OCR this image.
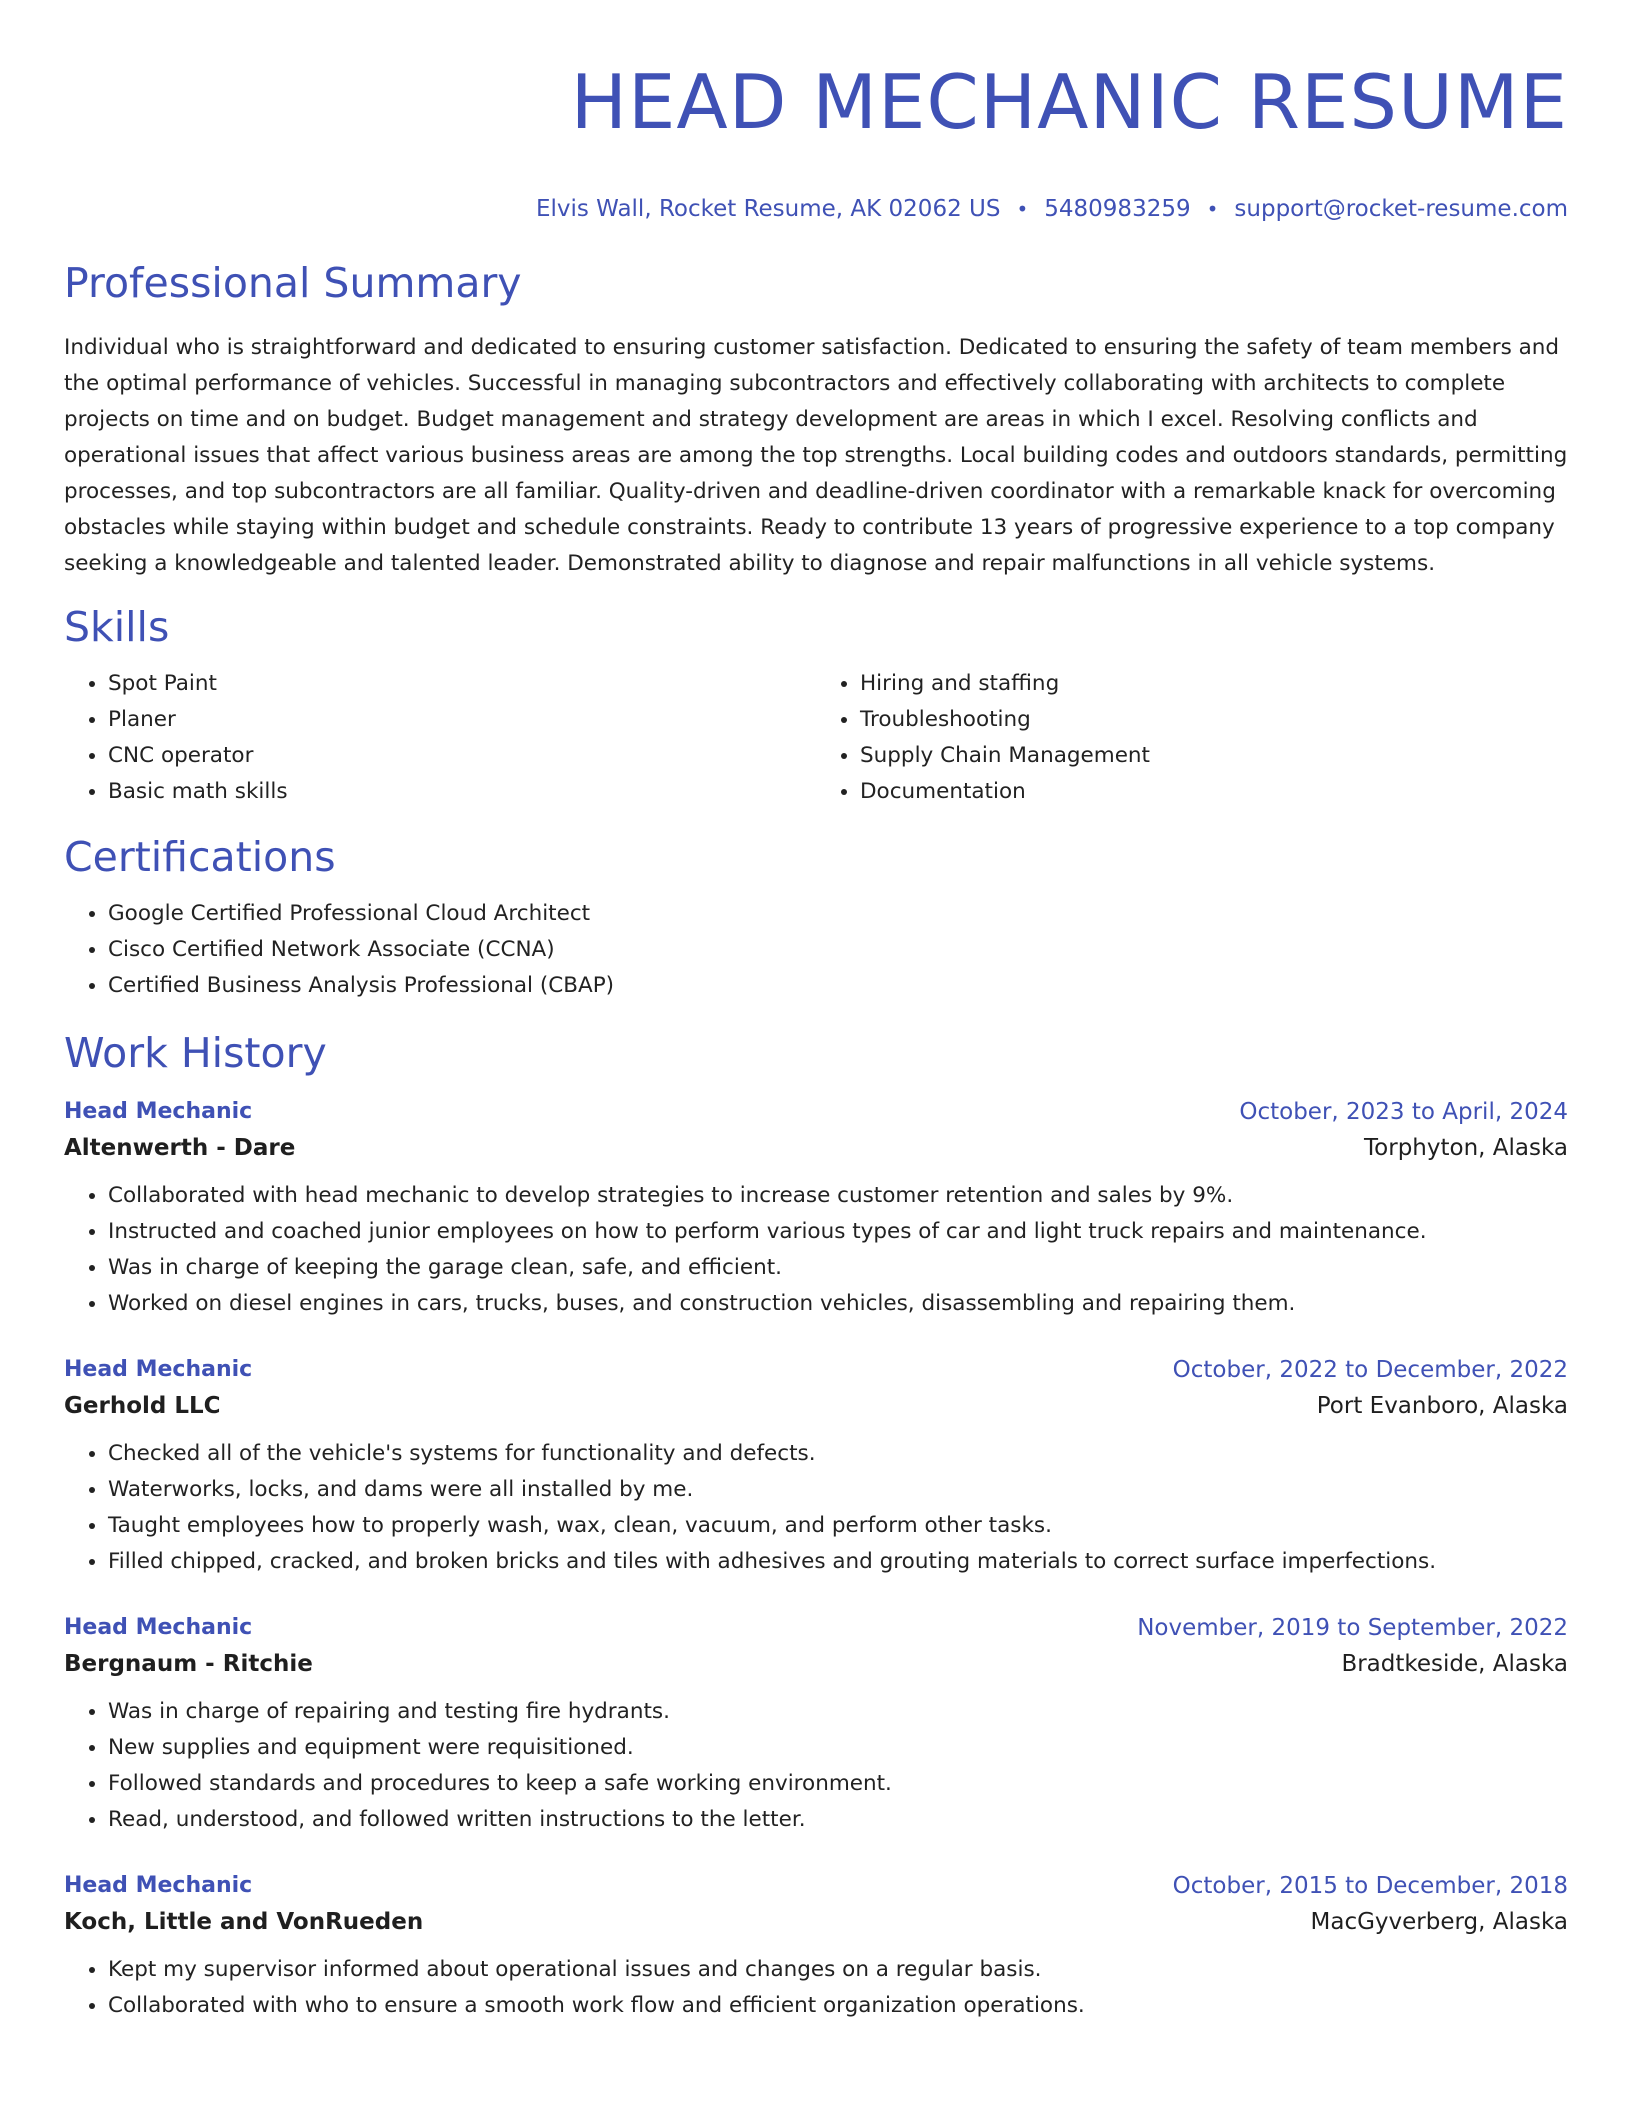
HEAD MECHANIC RESUME
Elvis Wall, Rocket Resume, AK 02062 US • 5480983259 • support@rocket-resume.com
Professional Summary

Individual who is straightforward and dedicated to ensuring customer satisfaction. Dedicated to ensuring the safety of team members and the optimal performance of vehicles. Successful in managing subcontractors and effectively collaborating with architects to complete projects on time and on budget. Budget management and strategy development are areas in which I excel. Resolving conflicts and operational issues that affect various business areas are among the top strengths. Local building codes and outdoors standards, permitting processes, and top subcontractors are all familiar. Quality-driven and deadline-driven coordinator with a remarkable knack for overcoming obstacles while staying within budget and schedule constraints. Ready to contribute 13 years of progressive experience to a top company seeking a knowledgeable and talented leader. Demonstrated ability to diagnose and repair malfunctions in all vehicle systems.

Skills
• Spot Paint
• Planer
• CNC operator
• Basic math skills
• Hiring and staffing
• Troubleshooting
• Supply Chain Management
• Documentation
Certifications
• Google Certified Professional Cloud Architect
• Cisco Certified Network Associate (CCNA)
• Certified Business Analysis Professional (CBAP)
Work History
Head Mechanic	October, 2023 to April, 2024
Altenwerth - Dare	Torphyton, Alaska
• Collaborated with head mechanic to develop strategies to increase customer retention and sales by 9%.
• Instructed and coached junior employees on how to perform various types of car and light truck repairs and maintenance.
• Was in charge of keeping the garage clean, safe, and efficient.
• Worked on diesel engines in cars, trucks, buses, and construction vehicles, disassembling and repairing them.
Head Mechanic	October, 2022 to December, 2022
Gerhold LLC	Port Evanboro, Alaska
• Checked all of the vehicle's systems for functionality and defects.
• Waterworks, locks, and dams were all installed by me.
• Taught employees how to properly wash, wax, clean, vacuum, and perform other tasks.
• Filled chipped, cracked, and broken bricks and tiles with adhesives and grouting materials to correct surface imperfections.
Head Mechanic	November, 2019 to September, 2022
Bergnaum - Ritchie	Bradtkeside, Alaska
• Was in charge of repairing and testing fire hydrants.
• New supplies and equipment were requisitioned.
• Followed standards and procedures to keep a safe working environment.
• Read, understood, and followed written instructions to the letter.
Head Mechanic	October, 2015 to December, 2018
Koch, Little and VonRueden	MacGyverberg, Alaska
• Kept my supervisor informed about operational issues and changes on a regular basis.
• Collaborated with who to ensure a smooth work flow and efficient organization operations.
